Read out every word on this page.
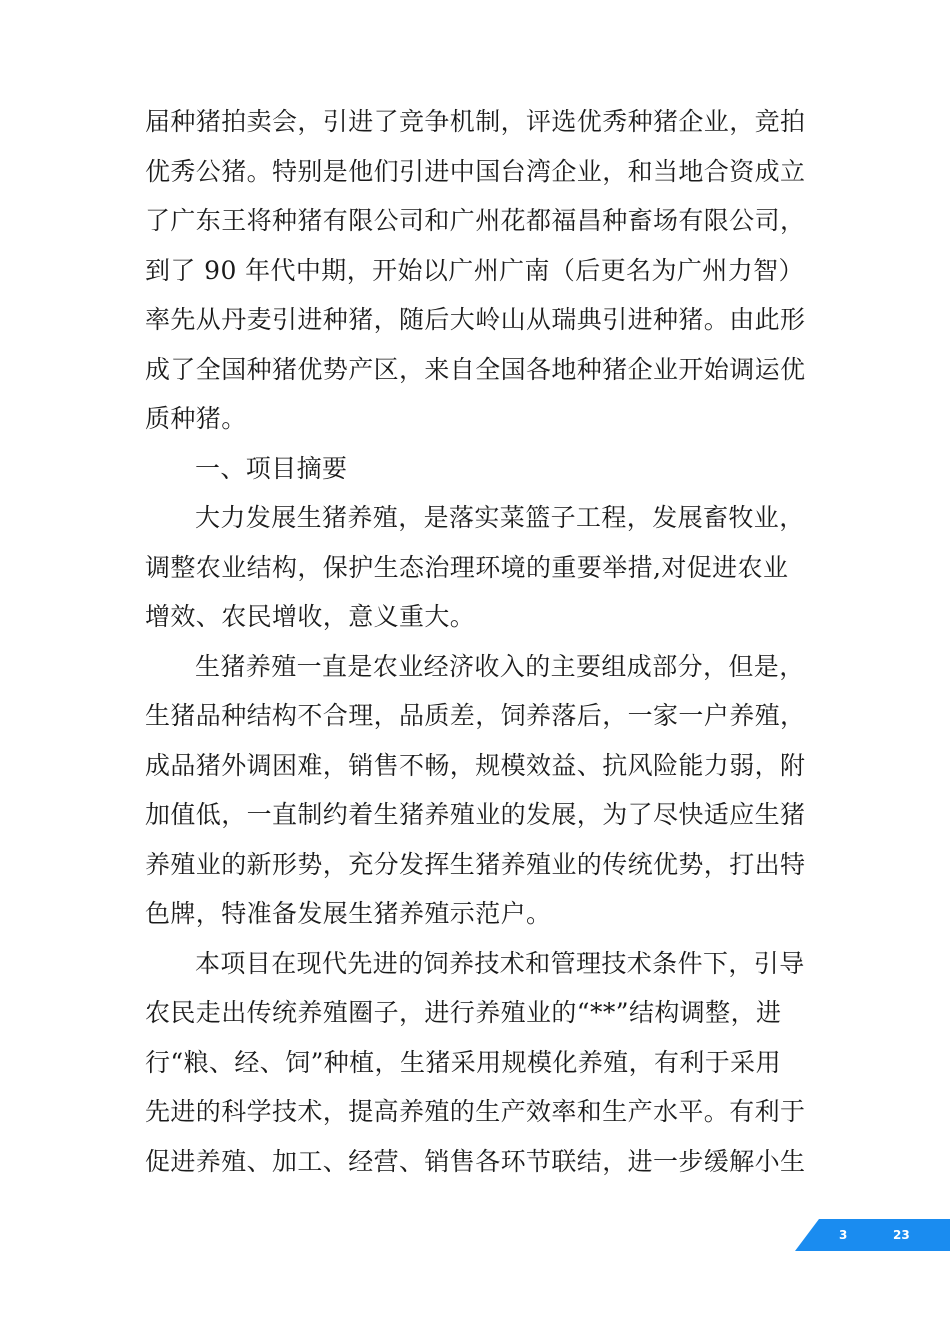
届种猪拍卖会，引进了竞争机制，评选优秀种猪企业，竞拍
优秀公猪。特别是他们引进中国台湾企业，和当地合资成立
了广东王将种猪有限公司和广州花都福昌种畜场有限公司，
到了 90 年代中期，开始以广州广南（后更名为广州力智）
率先从丹麦引进种猪，随后大岭山从瑞典引进种猪。由此形
成了全国种猪优势产区，来自全国各地种猪企业开始调运优
质种猪。
一、项目摘要
大力发展生猪养殖，是落实菜篮子工程，发展畜牧业，
调整农业结构，保护生态治理环境的重要举措,对促进农业
增效、农民增收，意义重大。
生猪养殖一直是农业经济收入的主要组成部分，但是，
生猪品种结构不合理，品质差，饲养落后，一家一户养殖，
成品猪外调困难，销售不畅，规模效益、抗风险能力弱，附
加值低，一直制约着生猪养殖业的发展，为了尽快适应生猪
养殖业的新形势，充分发挥生猪养殖业的传统优势，打出特
色牌，特准备发展生猪养殖示范户。
本项目在现代先进的饲养技术和管理技术条件下，引导
农民走出传统养殖圈子，进行养殖业的“**”结构调整，进
行“粮、经、饲”种植，生猪采用规模化养殖，有利于采用
先进的科学技术，提高养殖的生产效率和生产水平。有利于
促进养殖、加工、经营、销售各环节联结，进一步缓解小生
3	23
